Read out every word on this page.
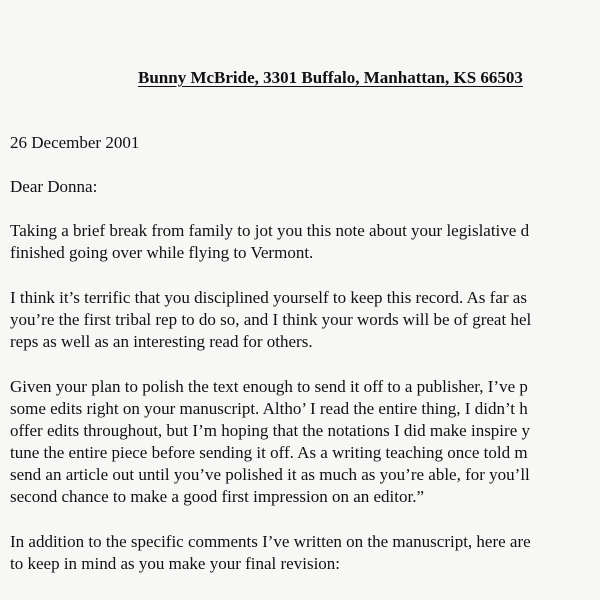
Bunny McBride, 3301 Buffalo, Manhattan, KS 66503
26 December 2001
Dear Donna:
Taking a brief break from family to jot you this note about your legislative d
finished going over while flying to Vermont.
I think it’s terrific that you disciplined yourself to keep this record. As far as
you’re the first tribal rep to do so, and I think your words will be of great hel
reps as well as an interesting read for others.
Given your plan to polish the text enough to send it off to a publisher, I’ve p
some edits right on your manuscript. Altho’ I read the entire thing, I didn’t h
offer edits throughout, but I’m hoping that the notations I did make inspire y
tune the entire piece before sending it off. As a writing teaching once told m
send an article out until you’ve polished it as much as you’re able, for you’ll
second chance to make a good first impression on an editor.”
In addition to the specific comments I’ve written on the manuscript, here are
to keep in mind as you make your final revision:
